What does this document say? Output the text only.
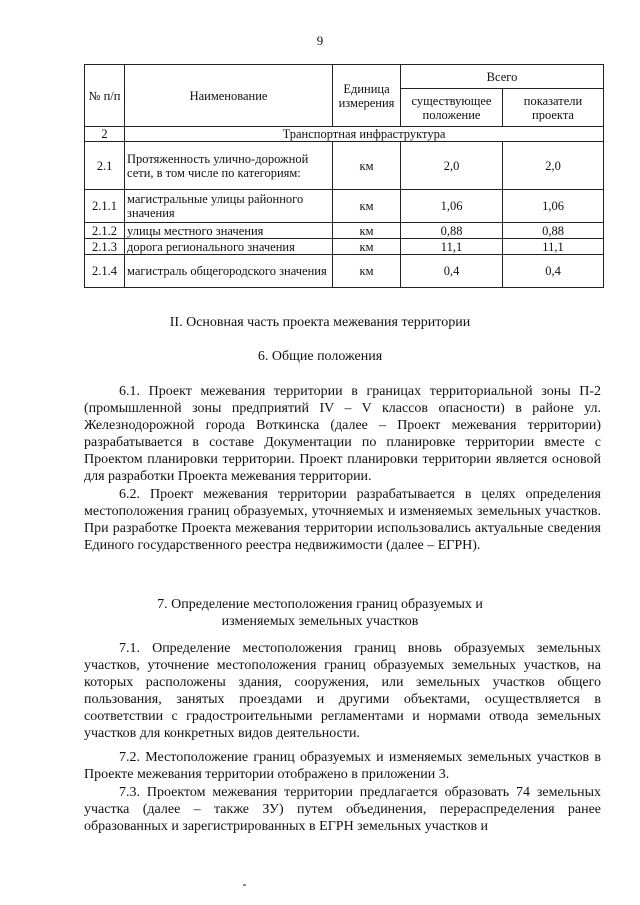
9
№ п/п	Наименование	Единица измерения	Всего	
			существующее положение	показатели проекта
2	Транспортная инфраструктура			
2.1	Протяженность улично-дорожной сети, в том числе по категориям:	км	2,0	2,0
2.1.1	магистральные улицы районного значения	км	1,06	1,06
2.1.2	улицы местного значения	км	0,88	0,88
2.1.3	дорога регионального значения	км	11,1	11,1
2.1.4	магистраль общегородского значения	км	0,4	0,4
II. Основная часть проекта межевания территории
6. Общие положения

6.1. Проект межевания территории в границах территориальной зоны П-2 (промышленной зоны предприятий IV – V классов опасности) в районе ул. Железнодорожной города Воткинска (далее – Проект межевания территории) разрабатывается в составе Документации по планировке территории вместе с Проектом планировки территории. Проект планировки территории является основой для разработки Проекта межевания территории.

6.2. Проект межевания территории разрабатывается в целях определения местоположения границ образуемых, уточняемых и изменяемых земельных участков. При разработке Проекта межевания территории использовались актуальные сведения Единого государственного реестра недвижимости (далее – ЕГРН).

7. Определение местоположения границ образуемых и
изменяемых земельных участков

7.1. Определение местоположения границ вновь образуемых земельных участков, уточнение местоположения границ образуемых земельных участков, на которых расположены здания, сооружения, или земельных участков общего пользования, занятых проездами и другими объектами, осуществляется в соответствии с градостроительными регламентами и нормами отвода земельных участков для конкретных видов деятельности.

7.2. Местоположение границ образуемых и изменяемых земельных участков в Проекте межевания территории отображено в приложении 3.

7.3. Проектом межевания территории предлагается образовать 74 земельных участка (далее – также ЗУ) путем объединения, перераспределения ранее образованных и зарегистрированных в ЕГРН земельных участков и
